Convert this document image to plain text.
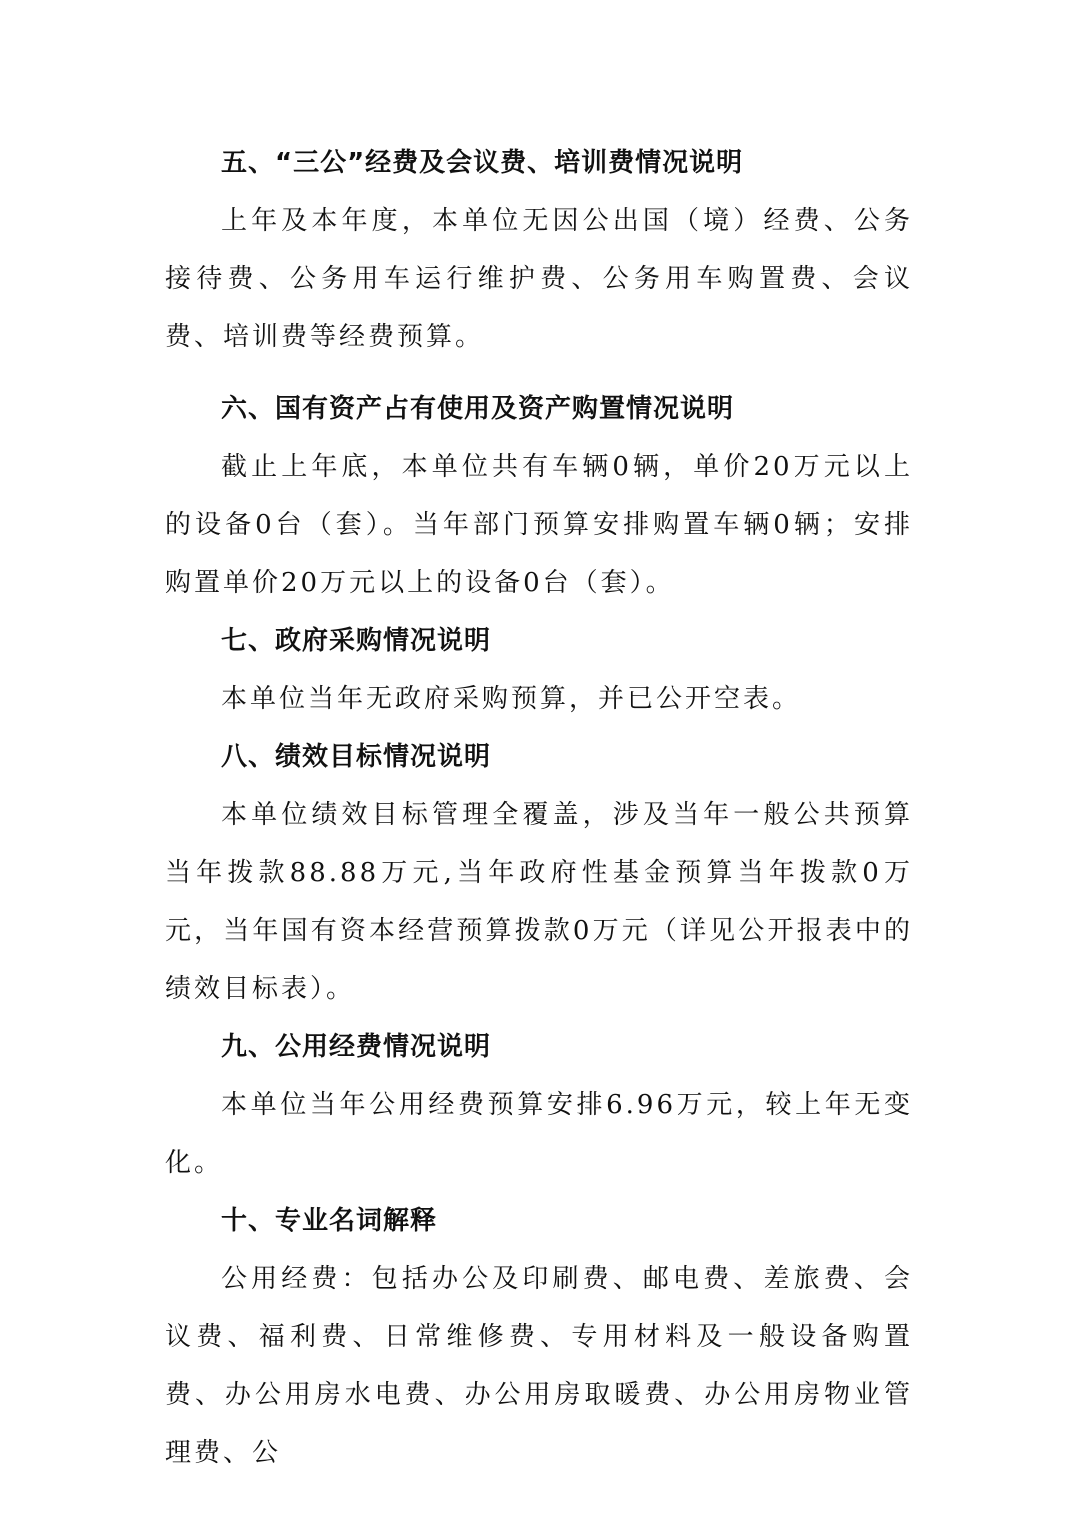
五、“三公”经费及会议费、培训费情况说明

上年及本年度，本单位无因公出国（境）经费、公务接待费、公务用车运行维护费、公务用车购置费、会议费、培训费等经费预算。

六、国有资产占有使用及资产购置情况说明

截止上年底，本单位共有车辆0辆，单价20万元以上的设备0台（套）。当年部门预算安排购置车辆0辆；安排购置单价20万元以上的设备0台（套）。

七、政府采购情况说明

本单位当年无政府采购预算，并已公开空表。

八、绩效目标情况说明

本单位绩效目标管理全覆盖，涉及当年一般公共预算当年拨款88.88万元,当年政府性基金预算当年拨款0万元，当年国有资本经营预算拨款0万元（详见公开报表中的绩效目标表）。

九、公用经费情况说明

本单位当年公用经费预算安排6.96万元，较上年无变化。

十、专业名词解释

公用经费：包括办公及印刷费、邮电费、差旅费、会议费、福利费、日常维修费、专用材料及一般设备购置费、办公用房水电费、办公用房取暖费、办公用房物业管理费、公
